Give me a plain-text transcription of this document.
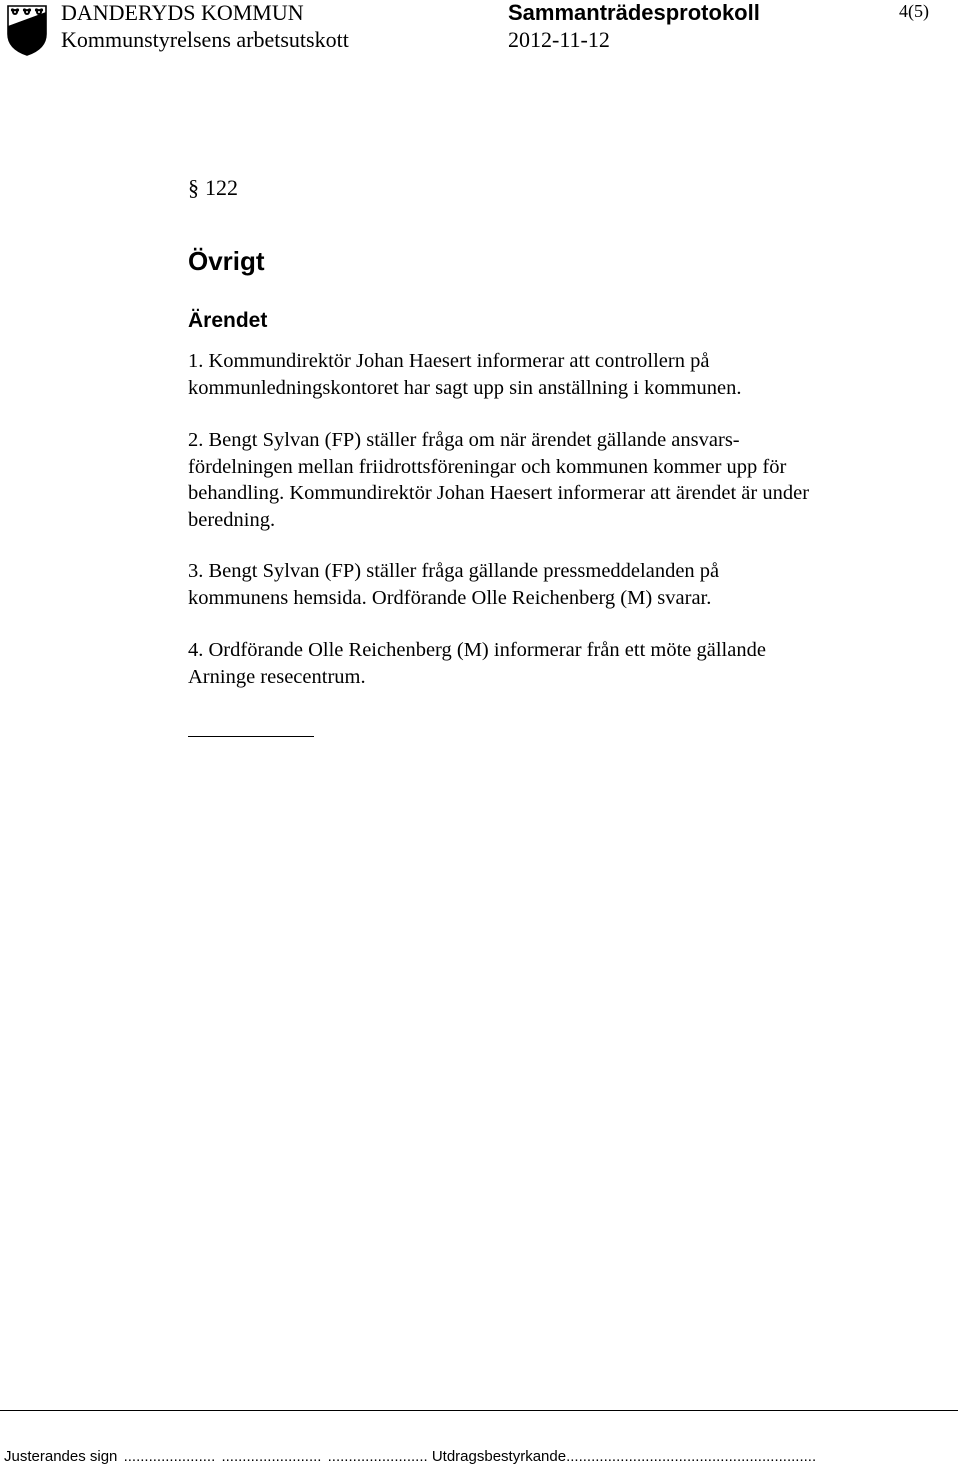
DANDERYDS KOMMUN
Kommunstyrelsens arbetsutskott
Sammanträdesprotokoll
2012-11-12
4(5)
§ 122
Övrigt
Ärendet
1. Kommundirektör Johan Haesert informerar att controllern på
kommunledningskontoret har sagt upp sin anställning i kommunen.
2. Bengt Sylvan (FP) ställer fråga om när ärendet gällande ansvars-
fördelningen mellan friidrottsföreningar och kommunen kommer upp för
behandling. Kommundirektör Johan Haesert informerar att ärendet är under
beredning.
3. Bengt Sylvan (FP) ställer fråga gällande pressmeddelanden på
kommunens hemsida. Ordförande Olle Reichenberg (M) svarar.
4. Ordförande Olle Reichenberg (M) informerar från ett möte gällande
Arninge resecentrum.
Justerandes sign ...................... ........................ ........................ Utdragsbestyrkande............................................................
